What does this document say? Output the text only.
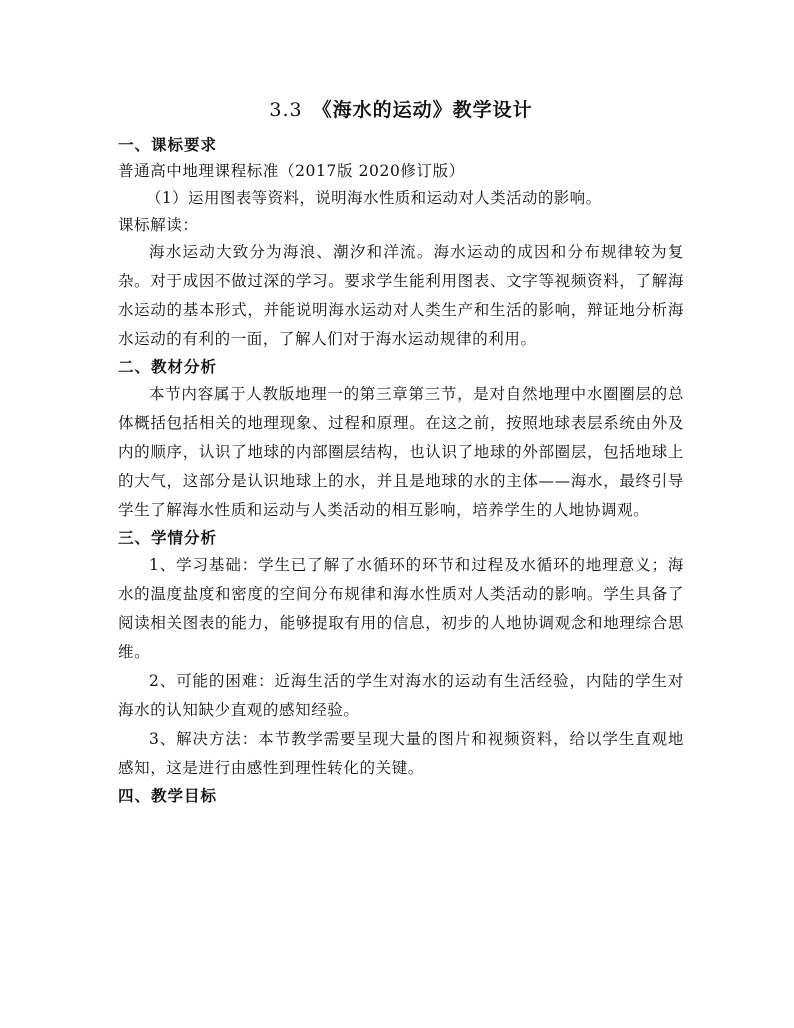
3.3 《海水的运动》教学设计

一、课标要求

普通高中地理课程标准（2017版 2020修订版）

（1）运用图表等资料，说明海水性质和运动对人类活动的影响。

课标解读：

海水运动大致分为海浪、潮汐和洋流。海水运动的成因和分布规律较为复杂。对于成因不做过深的学习。要求学生能利用图表、文字等视频资料，了解海水运动的基本形式，并能说明海水运动对人类生产和生活的影响，辩证地分析海水运动的有利的一面，了解人们对于海水运动规律的利用。

二、教材分析

本节内容属于人教版地理一的第三章第三节，是对自然地理中水圈圈层的总体概括包括相关的地理现象、过程和原理。在这之前，按照地球表层系统由外及内的顺序，认识了地球的内部圈层结构，也认识了地球的外部圈层，包括地球上的大气，这部分是认识地球上的水，并且是地球的水的主体——海水，最终引导学生了解海水性质和运动与人类活动的相互影响，培养学生的人地协调观。

三、学情分析

1、学习基础：学生已了解了水循环的环节和过程及水循环的地理意义；海水的温度盐度和密度的空间分布规律和海水性质对人类活动的影响。学生具备了阅读相关图表的能力，能够提取有用的信息，初步的人地协调观念和地理综合思维。

2、可能的困难：近海生活的学生对海水的运动有生活经验，内陆的学生对海水的认知缺少直观的感知经验。

3、解决方法：本节教学需要呈现大量的图片和视频资料，给以学生直观地感知，这是进行由感性到理性转化的关键。

四、教学目标
